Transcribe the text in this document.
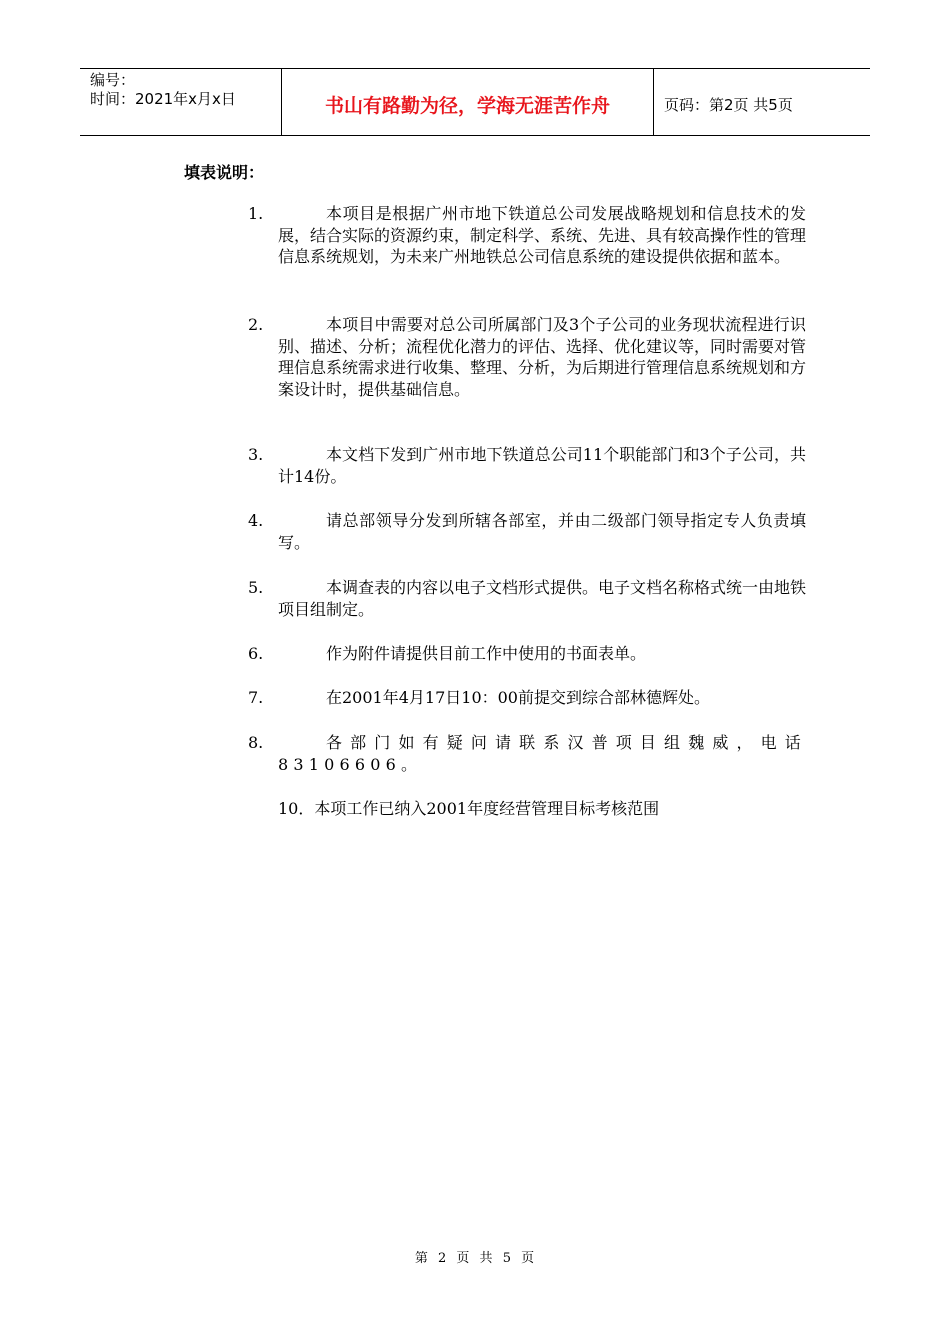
编号：
时间：2021年x月x日	书山有路勤为径，学海无涯苦作舟	页码：第2页 共5页
填表说明：
1.	本项目是根据广州市地下铁道总公司发展战略规划和信息技术的发展，结合实际的资源约束，制定科学、系统、先进、具有较高操作性的管理信息系统规划，为未来广州地铁总公司信息系统的建设提供依据和蓝本。
2.	本项目中需要对总公司所属部门及3个子公司的业务现状流程进行识别、描述、分析；流程优化潜力的评估、选择、优化建议等，同时需要对管理信息系统需求进行收集、整理、分析，为后期进行管理信息系统规划和方案设计时，提供基础信息。
3.	本文档下发到广州市地下铁道总公司11个职能部门和3个子公司，共计14份。
4.	请总部领导分发到所辖各部室，并由二级部门领导指定专人负责填写。
5.	本调查表的内容以电子文档形式提供。电子文档名称格式统一由地铁项目组制定。
6.	作为附件请提供目前工作中使用的书面表单。
7.	在2001年4月17日10：00前提交到综合部林德辉处。
8.	各部门如有疑问请联系汉普项目组魏威，电话83106606。
10．本项工作已纳入2001年度经营管理目标考核范围
第 2 页 共 5 页
